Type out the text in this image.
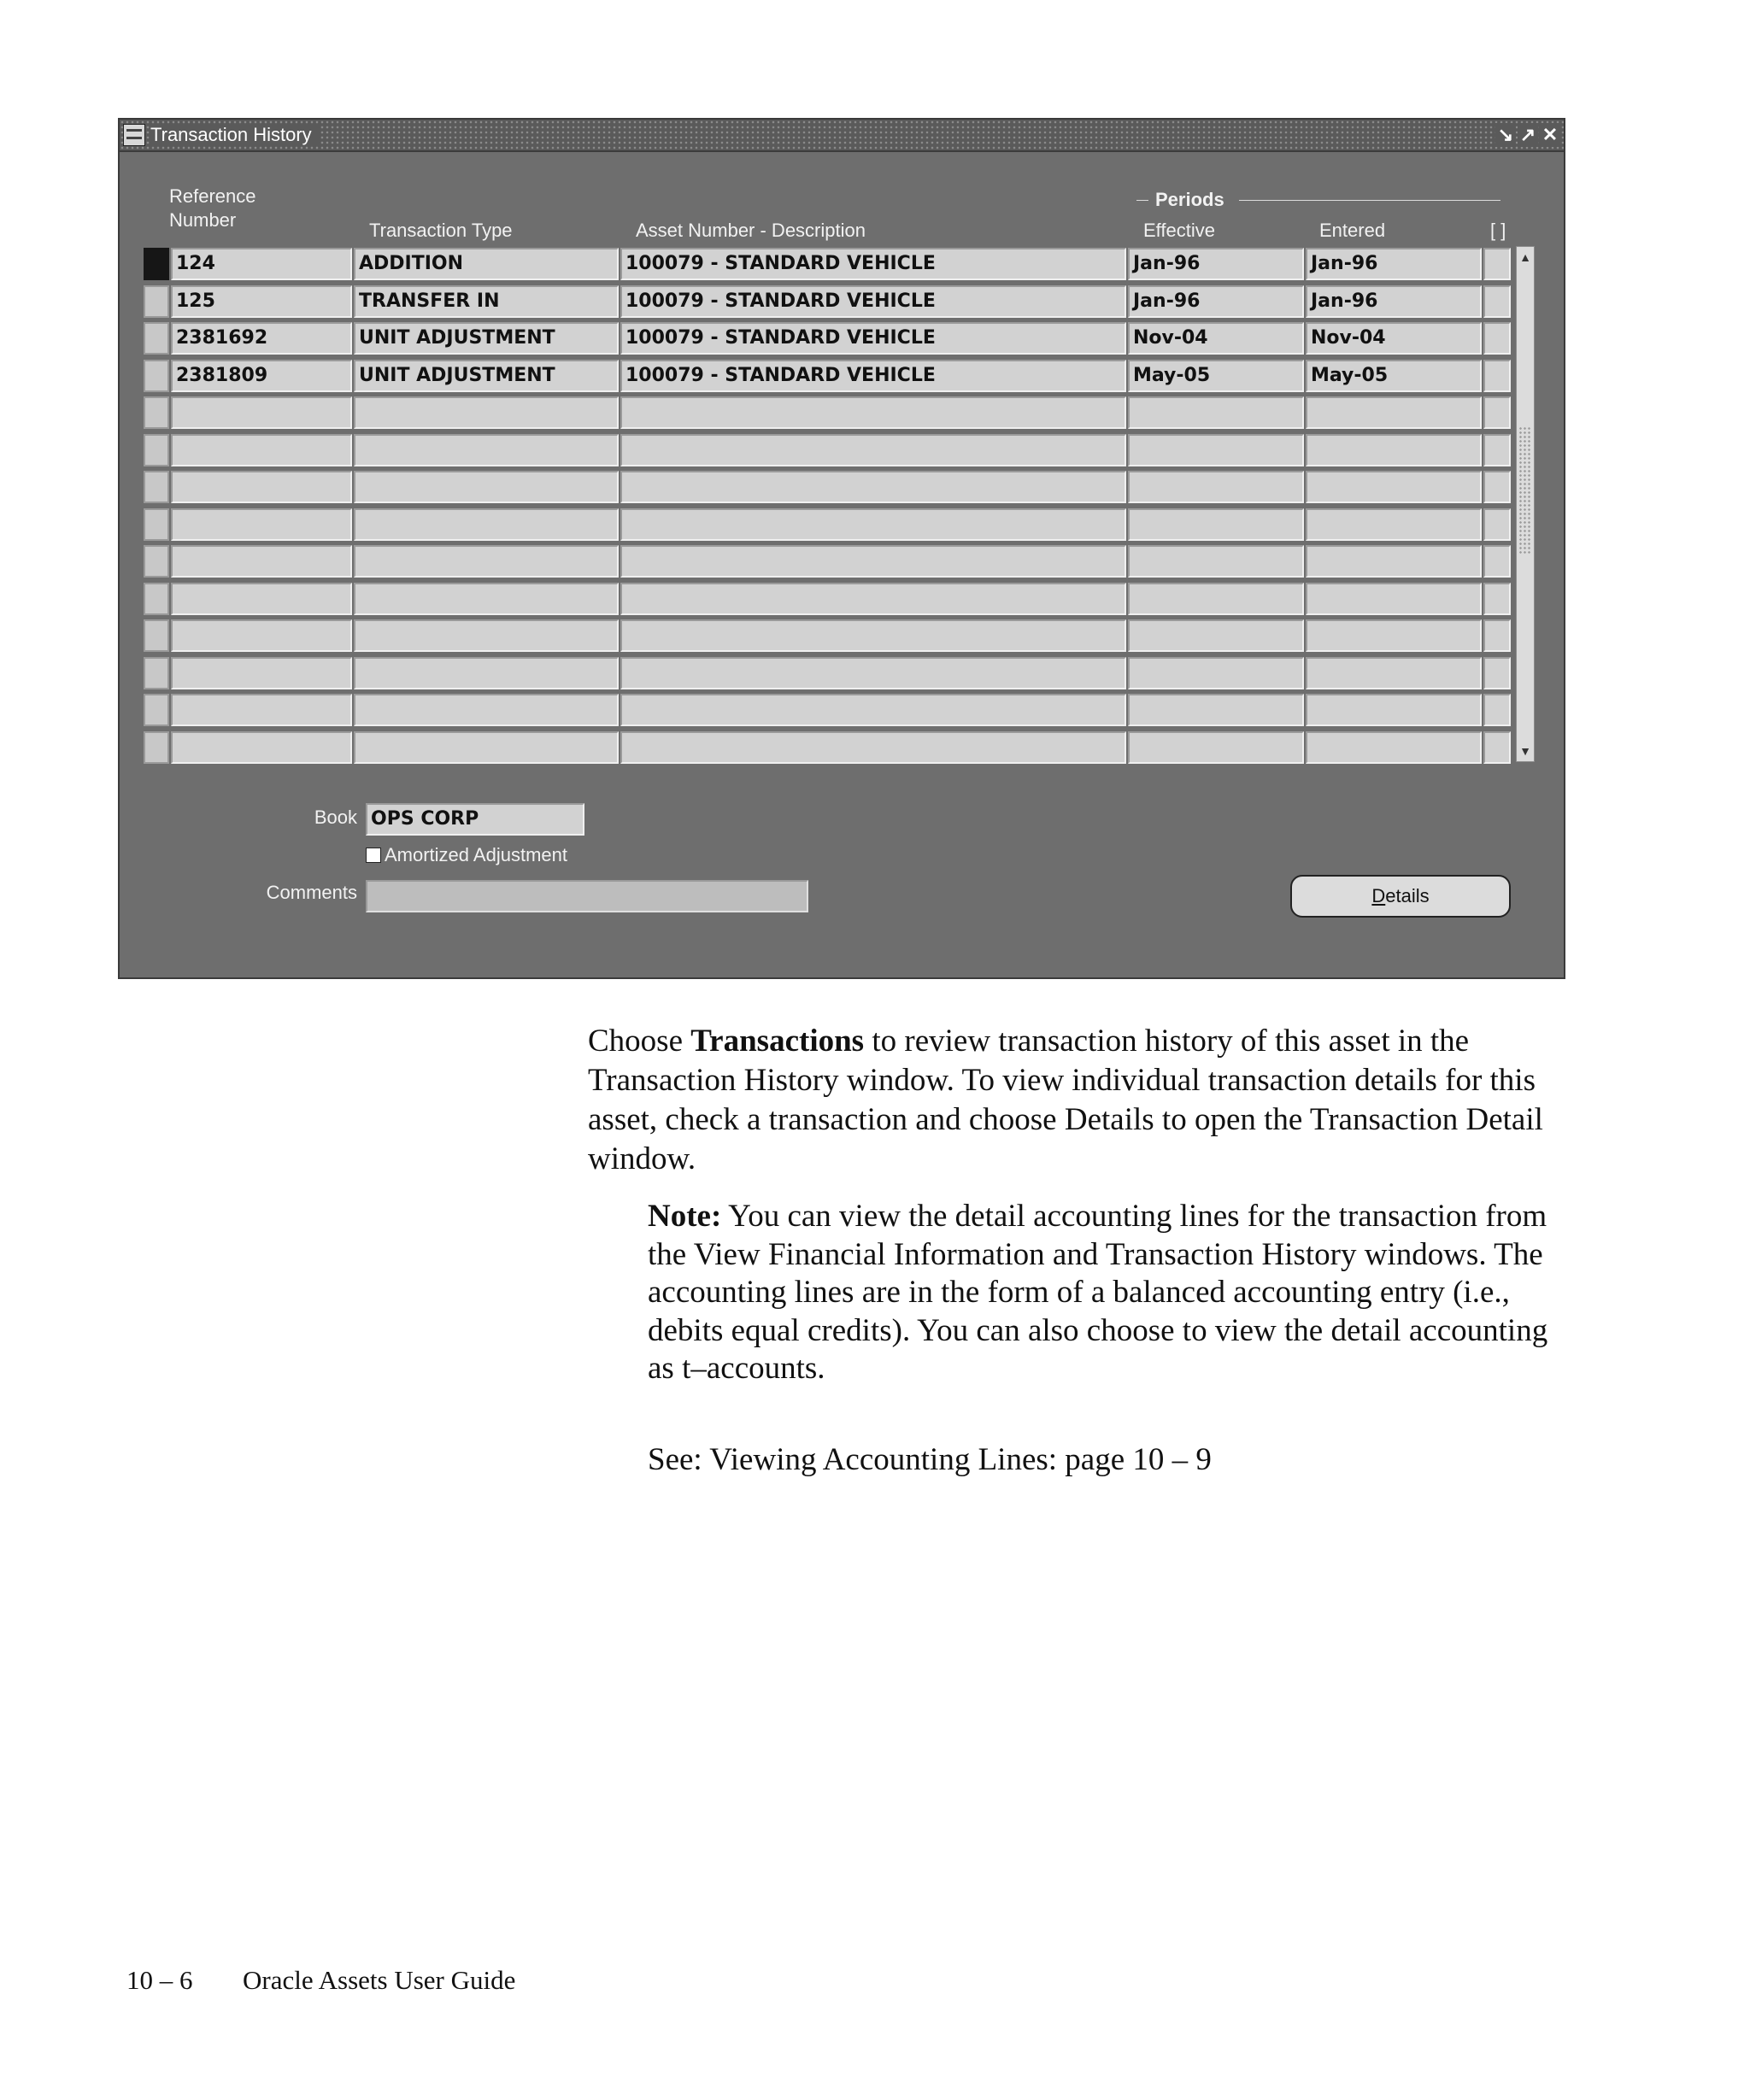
Transaction History	↘ ↗ ✕
Reference
Number	Transaction Type	Asset Number - Description
Periods
Effective	Entered	[ ]
124	ADDITION	100079 - STANDARD VEHICLE	Jan-96	Jan-96
125	TRANSFER IN	100079 - STANDARD VEHICLE	Jan-96	Jan-96
2381692	UNIT ADJUSTMENT	100079 - STANDARD VEHICLE	Nov-04	Nov-04
2381809	UNIT ADJUSTMENT	100079 - STANDARD VEHICLE	May-05	May-05
▲
▼
Book OPS CORP
Amortized Adjustment
Comments	Details
Choose Transactions to review transaction history of this asset in the Transaction History window. To view individual transaction details for this asset, check a transaction and choose Details to open the Transaction Detail window.
Note: You can view the detail accounting lines for the transaction from the View Financial Information and Transaction History windows. The accounting lines are in the form of a balanced accounting entry (i.e., debits equal credits). You can also choose to view the detail accounting as t–accounts.
See: Viewing Accounting Lines: page 10 – 9
10 – 6 Oracle Assets User Guide
